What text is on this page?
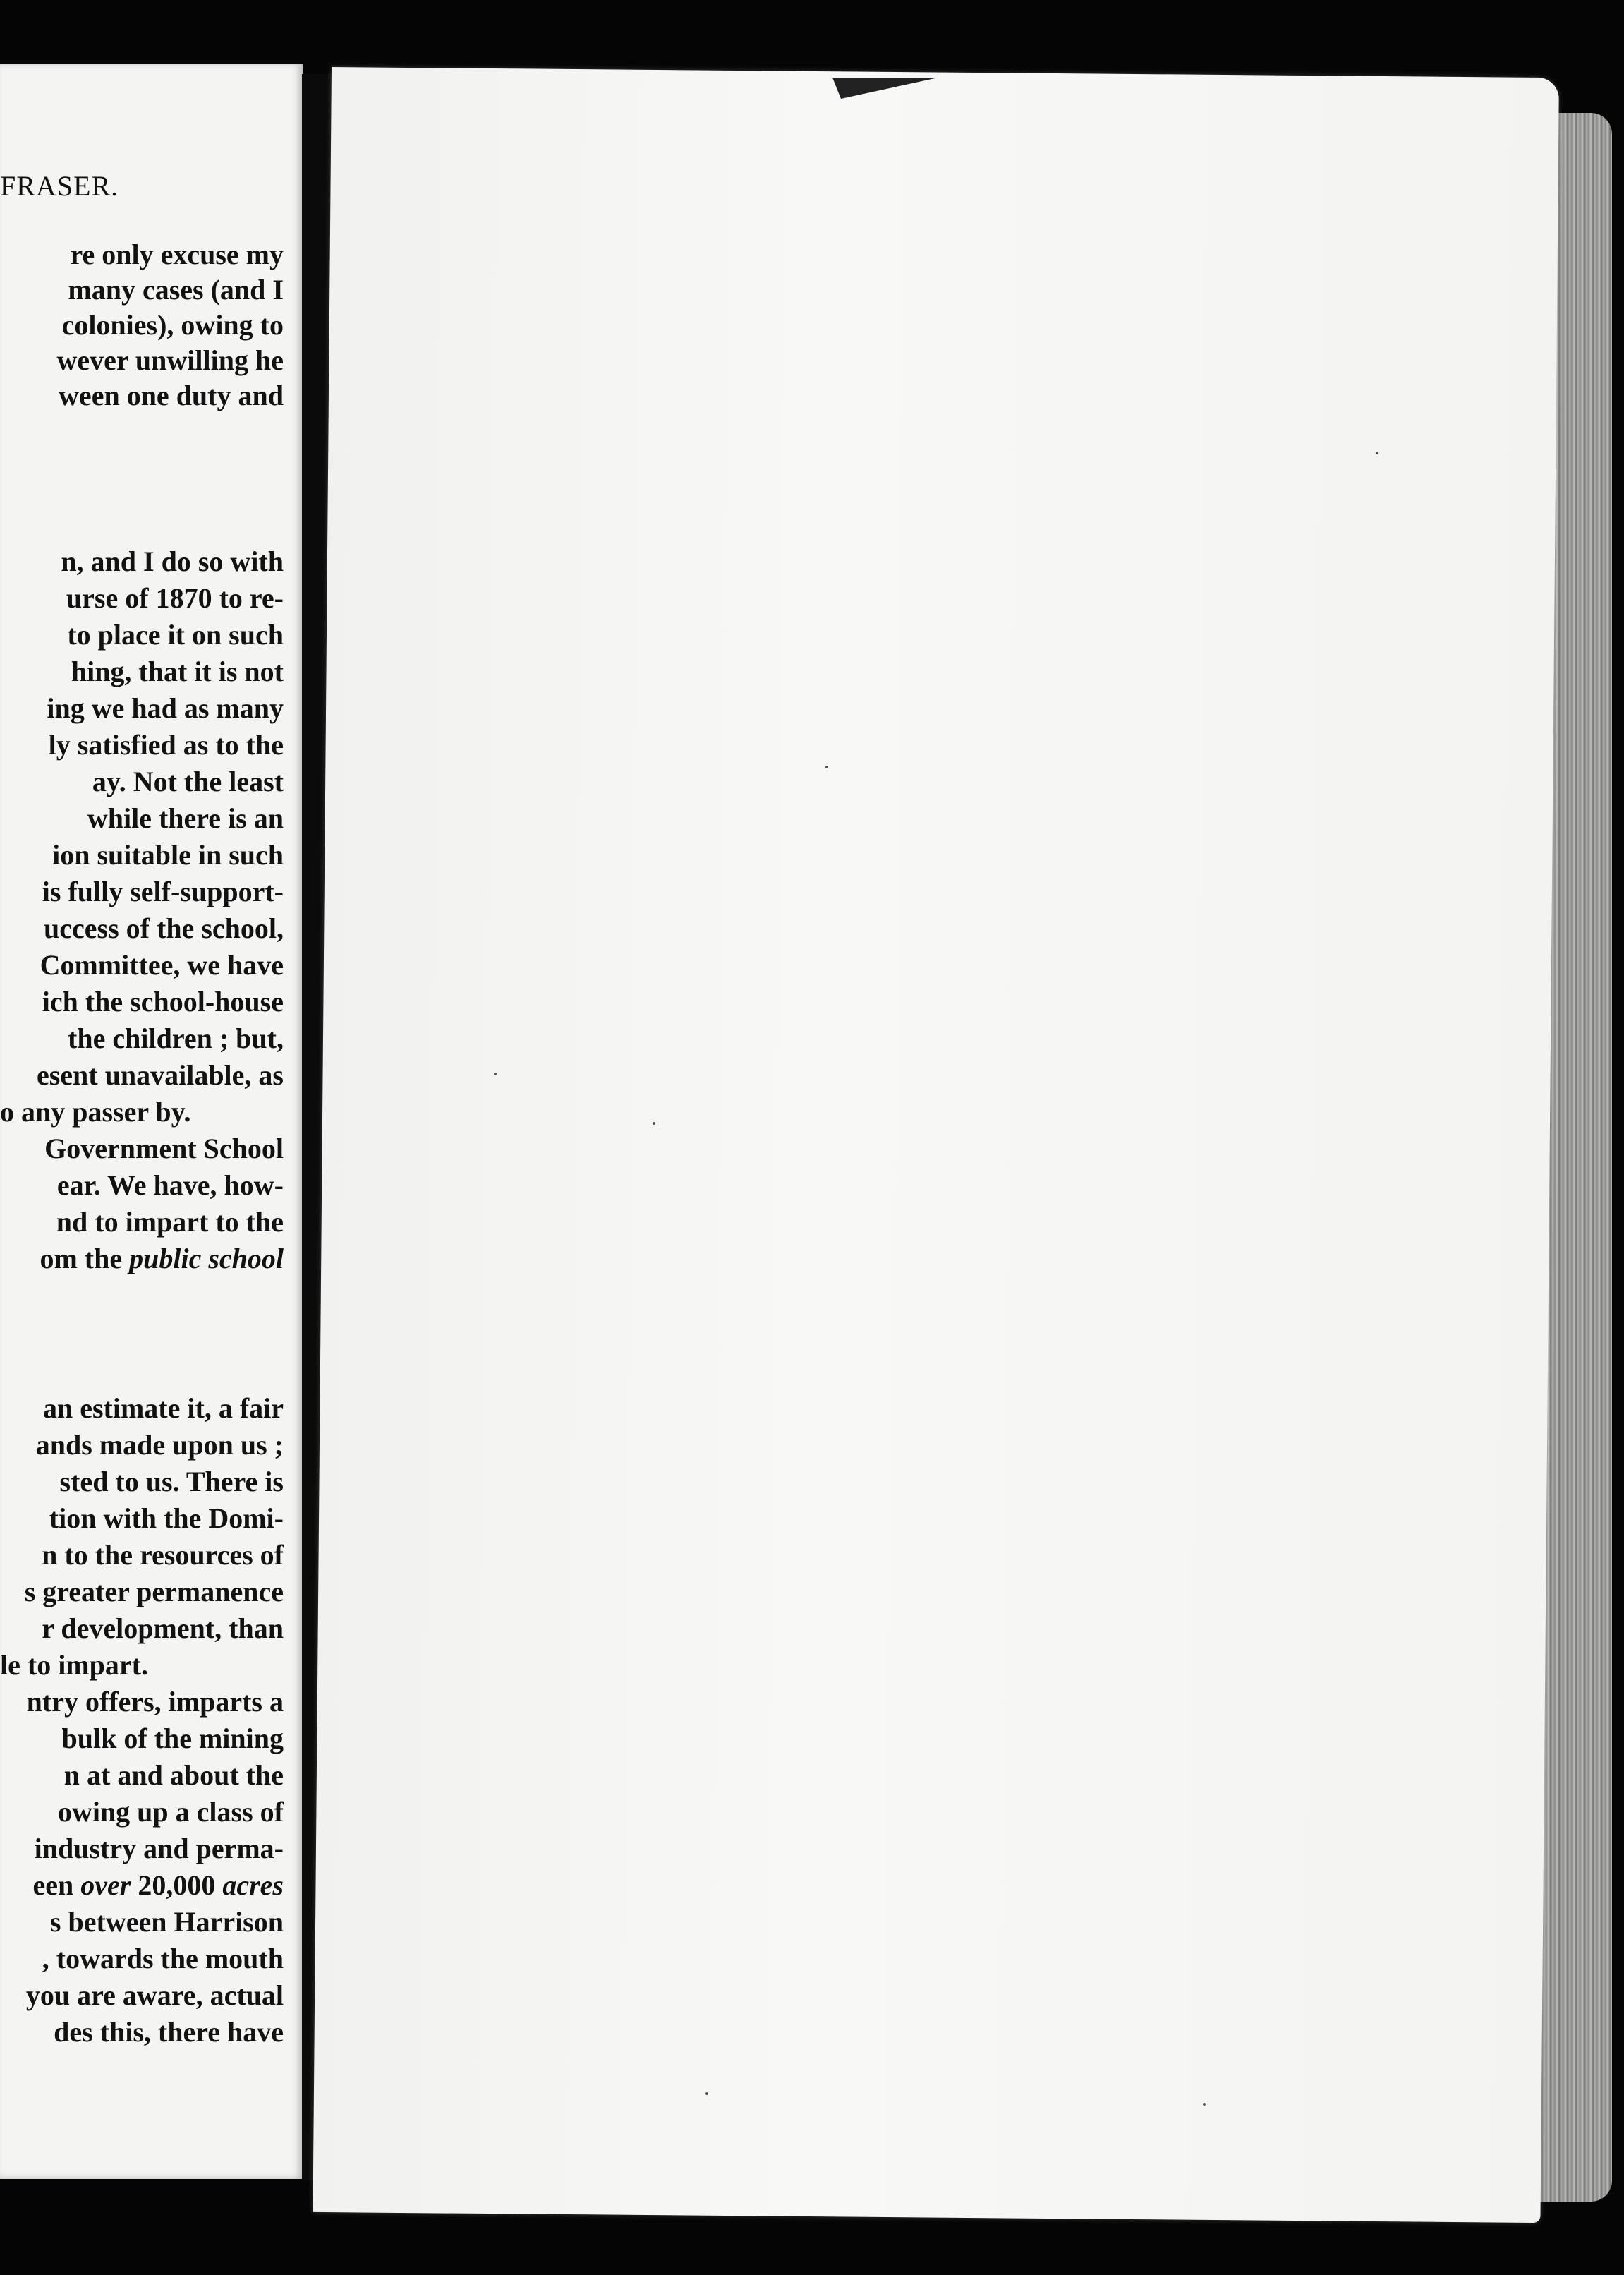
FRASER.
re only excuse my
many cases (and I
colonies), owing to
wever unwilling he
ween one duty and
n, and I do so with
urse of 1870 to re-
to place it on such
hing, that it is not
ing we had as many
ly satisfied as to the
ay. Not the least
while there is an
ion suitable in such
is fully self-support-
uccess of the school,
Committee, we have
ich the school-house
the children ; but,
esent unavailable, as
o any passer by.
Government School
ear. We have, how-
nd to impart to the
om the public school
an estimate it, a fair
ands made upon us ;
sted to us. There is
tion with the Domi-
n to the resources of
s greater permanence
r development, than
le to impart.
ntry offers, imparts a
bulk of the mining
n at and about the
owing up a class of
industry and perma-
een over 20,000 acres
s between Harrison
, towards the mouth
you are aware, actual
des this, there have
